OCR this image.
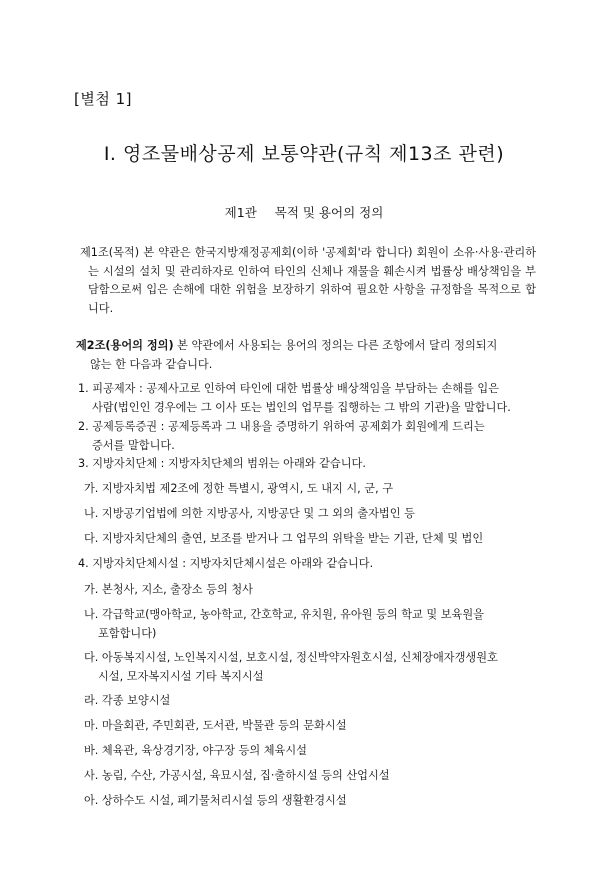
[별첨 1]
Ⅰ. 영조물배상공제 보통약관(규칙 제13조 관련)
제1관 목적 및 용어의 정의
제1조(목적) 본 약관은 한국지방재정공제회(이하 '공제회'라 합니다) 회원이 소유·사용·관리하는 시설의 설치 및 관리하자로 인하여 타인의 신체나 재물을 훼손시켜 법률상 배상책임을 부담함으로써 입은 손해에 대한 위험을 보장하기 위하여 필요한 사항을 규정함을 목적으로 합니다.
제2조(용어의 정의) 본 약관에서 사용되는 용어의 정의는 다른 조항에서 달리 정의되지
않는 한 다음과 같습니다.
1. 피공제자 : 공제사고로 인하여 타인에 대한 법률상 배상책임을 부담하는 손해를 입은
사람(법인인 경우에는 그 이사 또는 법인의 업무를 집행하는 그 밖의 기관)을 말합니다.
2. 공제등록증권 : 공제등록과 그 내용을 증명하기 위하여 공제회가 회원에게 드리는
증서를 말합니다.
3. 지방자치단체 : 지방자치단체의 범위는 아래와 같습니다.
가. 지방자치법 제2조에 정한 특별시, 광역시, 도 내지 시, 군, 구
나. 지방공기업법에 의한 지방공사, 지방공단 및 그 외의 출자법인 등
다. 지방자치단체의 출연, 보조를 받거나 그 업무의 위탁을 받는 기관, 단체 및 법인
4. 지방자치단체시설 : 지방자치단체시설은 아래와 같습니다.
가. 본청사, 지소, 출장소 등의 청사
나. 각급학교(맹아학교, 농아학교, 간호학교, 유치원, 유아원 등의 학교 및 보육원을
포함합니다)
다. 아동복지시설, 노인복지시설, 보호시설, 정신박약자원호시설, 신체장애자갱생원호
시설, 모자복지시설 기타 복지시설
라. 각종 보양시설
마. 마을회관, 주민회관, 도서관, 박물관 등의 문화시설
바. 체육관, 육상경기장, 야구장 등의 체육시설
사. 농림, 수산, 가공시설, 육묘시설, 집·출하시설 등의 산업시설
아. 상하수도 시설, 폐기물처리시설 등의 생활환경시설
